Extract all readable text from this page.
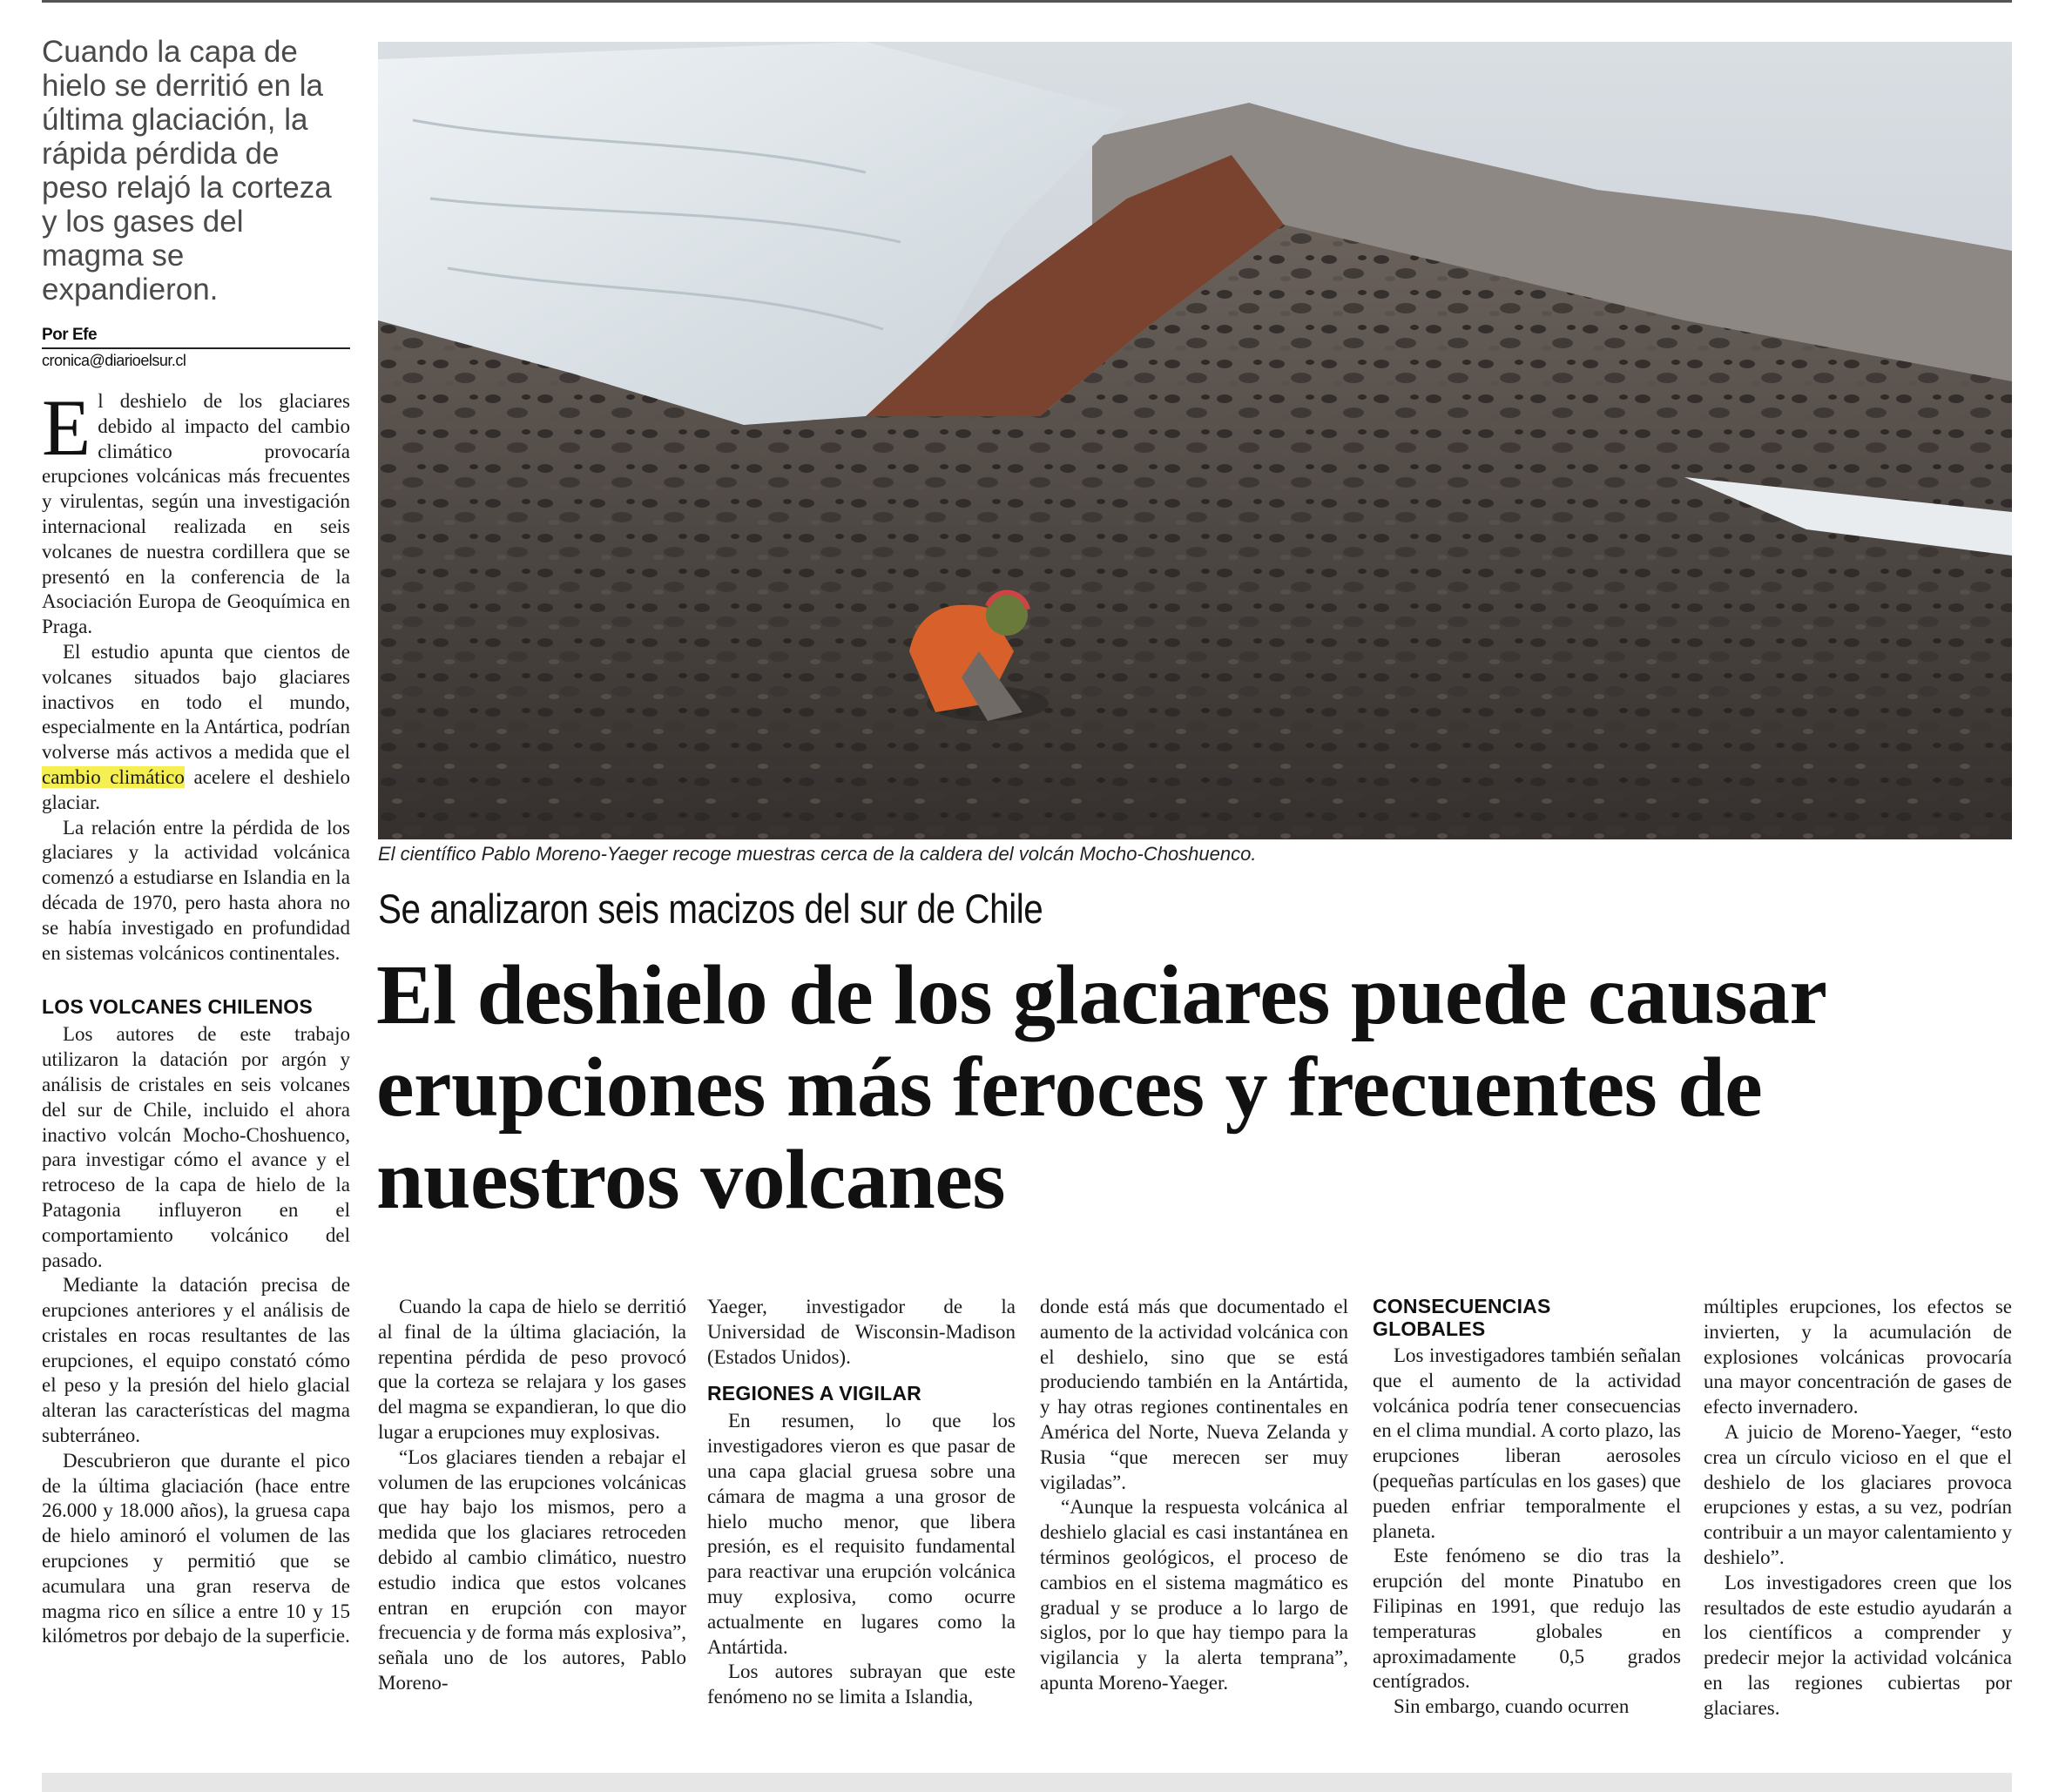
Cuando la capa de hielo se derritió en la última glaciación, la rápida pérdida de peso relajó la corteza y los gases del magma se expandieron.

Por Efe
cronica@diarioelsur.cl

El deshielo de los glaciares debido al impacto del cambio climático provocaría erupciones volcánicas más frecuentes y virulentas, según una investigación internacional realizada en seis volcanes de nuestra cordillera que se presentó en la conferencia de la Asociación Europa de Geoquímica en Praga.

El estudio apunta que cientos de volcanes situados bajo glaciares inactivos en todo el mundo, especialmente en la Antártica, podrían volverse más activos a medida que el cambio climático acelere el deshielo glaciar.

La relación entre la pérdida de los glaciares y la actividad volcánica comenzó a estudiarse en Islandia en la década de 1970, pero hasta ahora no se había investigado en profundidad en sistemas volcánicos continentales.

LOS VOLCANES CHILENOS

Los autores de este trabajo utilizaron la datación por argón y análisis de cristales en seis volcanes del sur de Chile, incluido el ahora inactivo volcán Mocho-Choshuenco, para investigar cómo el avance y el retroceso de la capa de hielo de la Patagonia influyeron en el comportamiento volcánico del pasado.

Mediante la datación precisa de erupciones anteriores y el análisis de cristales en rocas resultantes de las erupciones, el equipo constató cómo el peso y la presión del hielo glacial alteran las características del magma subterráneo.

Descubrieron que durante el pico de la última glaciación (hace entre 26.000 y 18.000 años), la gruesa capa de hielo aminoró el volumen de las erupciones y permitió que se acumulara una gran reserva de magma rico en sílice a entre 10 y 15 kilómetros por debajo de la superficie.

El científico Pablo Moreno-Yaeger recoge muestras cerca de la caldera del volcán Mocho-Choshuenco.
Se analizaron seis macizos del sur de Chile
El deshielo de los glaciares puede causar erupciones más feroces y frecuentes de nuestros volcanes

Cuando la capa de hielo se derritió al final de la última glaciación, la repentina pérdida de peso provocó que la corteza se relajara y los gases del magma se expandieran, lo que dio lugar a erupciones muy explosivas.

“Los glaciares tienden a rebajar el volumen de las erupciones volcánicas que hay bajo los mismos, pero a medida que los glaciares retroceden debido al cambio climático, nuestro estudio indica que estos volcanes entran en erupción con mayor frecuencia y de forma más explosiva”, señala uno de los autores, Pablo Moreno-

Yaeger, investigador de la Universidad de Wisconsin-Madison (Estados Unidos).

REGIONES A VIGILAR

En resumen, lo que los investigadores vieron es que pasar de una capa glacial gruesa sobre una cámara de magma a una grosor de hielo mucho menor, que libera presión, es el requisito fundamental para reactivar una erupción volcánica muy explosiva, como ocurre actualmente en lugares como la Antártida.

Los autores subrayan que este fenómeno no se limita a Islandia,

donde está más que documentado el aumento de la actividad volcánica con el deshielo, sino que se está produciendo también en la Antártida, y hay otras regiones continentales en América del Norte, Nueva Zelanda y Rusia “que merecen ser muy vigiladas”.

“Aunque la respuesta volcánica al deshielo glacial es casi instantánea en términos geológicos, el proceso de cambios en el sistema magmático es gradual y se produce a lo largo de siglos, por lo que hay tiempo para la vigilancia y la alerta temprana”, apunta Moreno-Yaeger.

CONSECUENCIAS
GLOBALES

Los investigadores también señalan que el aumento de la actividad volcánica podría tener consecuencias en el clima mundial. A corto plazo, las erupciones liberan aerosoles (pequeñas partículas en los gases) que pueden enfriar temporalmente el planeta.

Este fenómeno se dio tras la erupción del monte Pinatubo en Filipinas en 1991, que redujo las temperaturas globales en aproximadamente 0,5 grados centígrados.

Sin embargo, cuando ocurren

múltiples erupciones, los efectos se invierten, y la acumulación de explosiones volcánicas provocaría una mayor concentración de gases de efecto invernadero.

A juicio de Moreno-Yaeger, “esto crea un círculo vicioso en el que el deshielo de los glaciares provoca erupciones y estas, a su vez, podrían contribuir a un mayor calentamiento y deshielo”.

Los investigadores creen que los resultados de este estudio ayudarán a los científicos a comprender y predecir mejor la actividad volcánica en las regiones cubiertas por glaciares.
